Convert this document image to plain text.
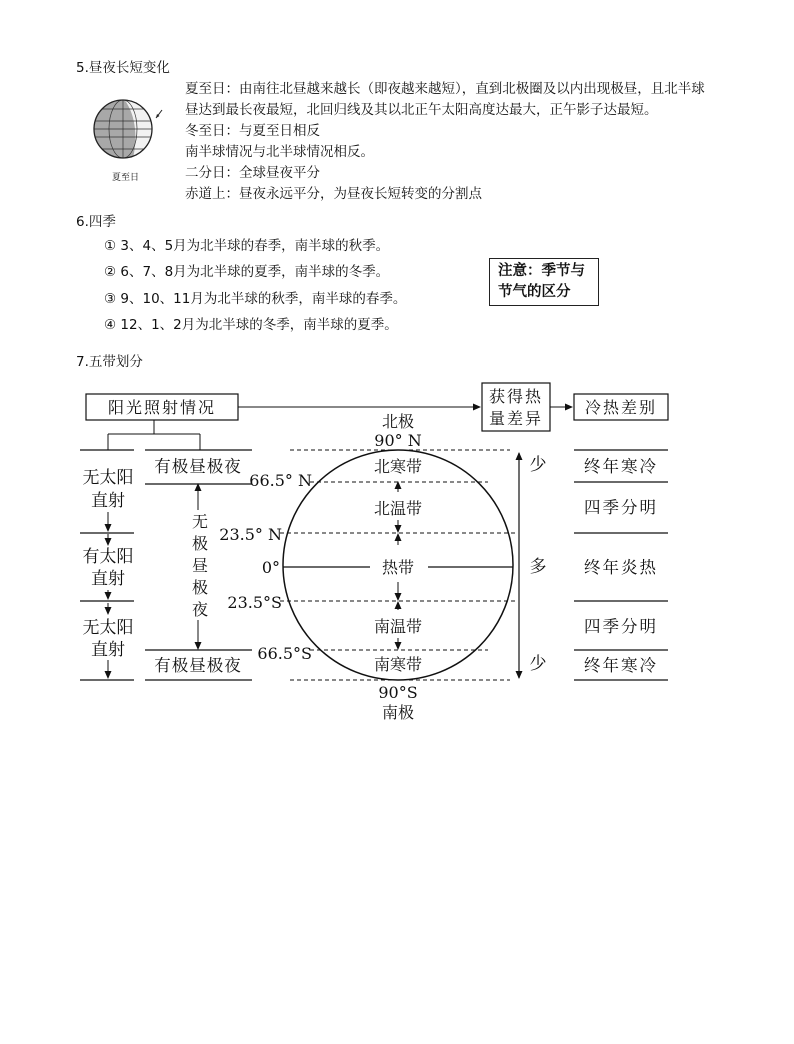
5.昼夜长短变化
夏至日
夏至日：由南往北昼越来越长（即夜越来越短），直到北极圈及以内出现极昼，且北半球
昼达到最长夜最短，北回归线及其以北正午太阳高度达最大，正午影子达最短。
冬至日：与夏至日相反
南半球情况与北半球情况相反。
二分日：全球昼夜平分
赤道上：昼夜永远平分，为昼夜长短转变的分割点
6.四季
① 3、4、5月为北半球的春季，南半球的秋季。
② 6、7、8月为北半球的夏季，南半球的冬季。
③ 9、10、11月为北半球的秋季，南半球的春季。
④ 12、1、2月为北半球的冬季，南半球的夏季。
注意：季节与
节气的区分
7.五带划分
阳光照射情况
获得热
量差异
冷热差别
无太阳
直射
有太阳
直射
无太阳
直射
有极昼极夜
有极昼极夜
无
极
昼
极
夜
北极
90° N
90°S
南极
66.5° N
23.5° N
0°
23.5°S
66.5°S
北寒带
北温带
热带
南温带
南寒带
少
多
少
终年寒冷
四季分明
终年炎热
四季分明
终年寒冷
